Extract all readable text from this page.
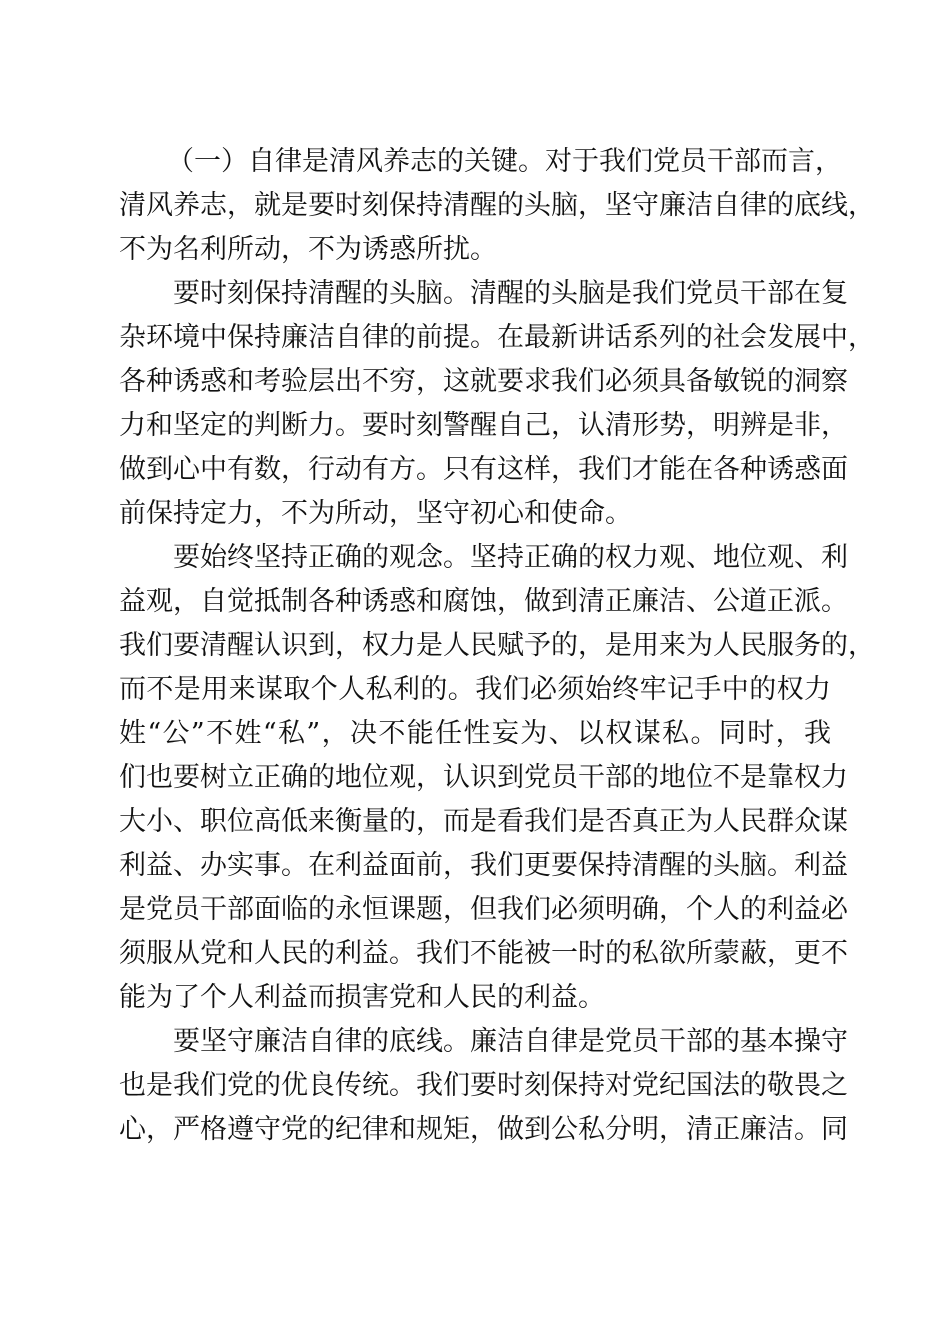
（一）自律是清风养志的关键。对于我们党员干部而言，
清风养志，就是要时刻保持清醒的头脑，坚守廉洁自律的底线，
不为名利所动，不为诱惑所扰。
要时刻保持清醒的头脑。清醒的头脑是我们党员干部在复
杂环境中保持廉洁自律的前提。在最新讲话系列的社会发展中，
各种诱惑和考验层出不穷，这就要求我们必须具备敏锐的洞察
力和坚定的判断力。要时刻警醒自己，认清形势，明辨是非，
做到心中有数，行动有方。只有这样，我们才能在各种诱惑面
前保持定力，不为所动，坚守初心和使命。
要始终坚持正确的观念。坚持正确的权力观、地位观、利
益观，自觉抵制各种诱惑和腐蚀，做到清正廉洁、公道正派。
我们要清醒认识到，权力是人民赋予的，是用来为人民服务的，
而不是用来谋取个人私利的。我们必须始终牢记手中的权力
姓“公”不姓“私”，决不能任性妄为、以权谋私。同时，我
们也要树立正确的地位观，认识到党员干部的地位不是靠权力
大小、职位高低来衡量的，而是看我们是否真正为人民群众谋
利益、办实事。在利益面前，我们更要保持清醒的头脑。利益
是党员干部面临的永恒课题，但我们必须明确，个人的利益必
须服从党和人民的利益。我们不能被一时的私欲所蒙蔽，更不
能为了个人利益而损害党和人民的利益。
要坚守廉洁自律的底线。廉洁自律是党员干部的基本操守
也是我们党的优良传统。我们要时刻保持对党纪国法的敬畏之
心，严格遵守党的纪律和规矩，做到公私分明，清正廉洁。同
